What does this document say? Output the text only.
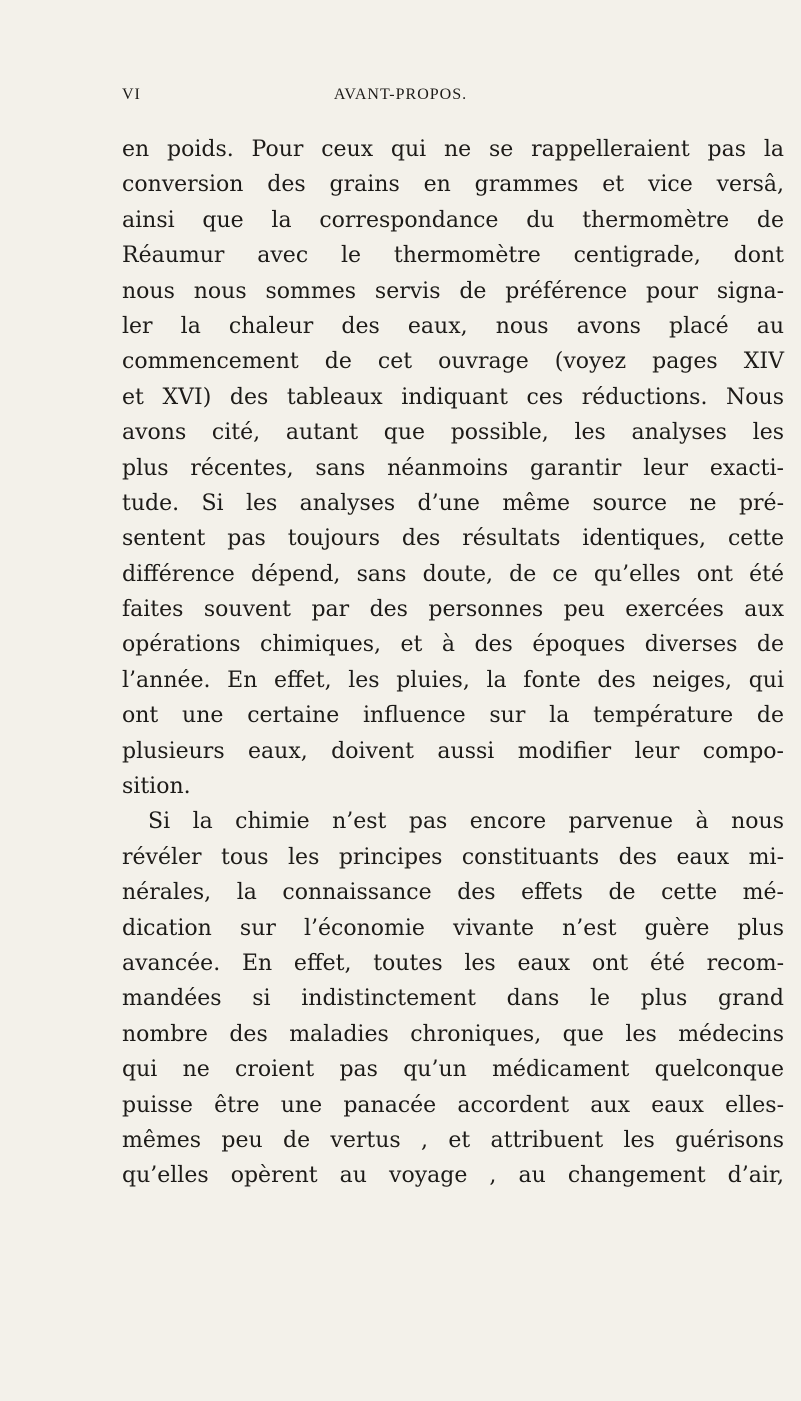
VI	AVANT-PROPOS.
en poids. Pour ceux qui ne se rappelleraient pas la
conversion des grains en grammes et vice versâ,
ainsi que la correspondance du thermomètre de
Réaumur avec le thermomètre centigrade, dont
nous nous sommes servis de préférence pour signa-
ler la chaleur des eaux, nous avons placé au
commencement de cet ouvrage (voyez pages XIV
et XVI) des tableaux indiquant ces réductions. Nous
avons cité, autant que possible, les analyses les
plus récentes, sans néanmoins garantir leur exacti-
tude. Si les analyses d’une même source ne pré-
sentent pas toujours des résultats identiques, cette
différence dépend, sans doute, de ce qu’elles ont été
faites souvent par des personnes peu exercées aux
opérations chimiques, et à des époques diverses de
l’année. En effet, les pluies, la fonte des neiges, qui
ont une certaine influence sur la température de
plusieurs eaux, doivent aussi modifier leur compo-
sition.
Si la chimie n’est pas encore parvenue à nous
révéler tous les principes constituants des eaux mi-
nérales, la connaissance des effets de cette mé-
dication sur l’économie vivante n’est guère plus
avancée. En effet, toutes les eaux ont été recom-
mandées si indistinctement dans le plus grand
nombre des maladies chroniques, que les médecins
qui ne croient pas qu’un médicament quelconque
puisse être une panacée accordent aux eaux elles-
mêmes peu de vertus , et attribuent les guérisons
qu’elles opèrent au voyage , au changement d’air,
